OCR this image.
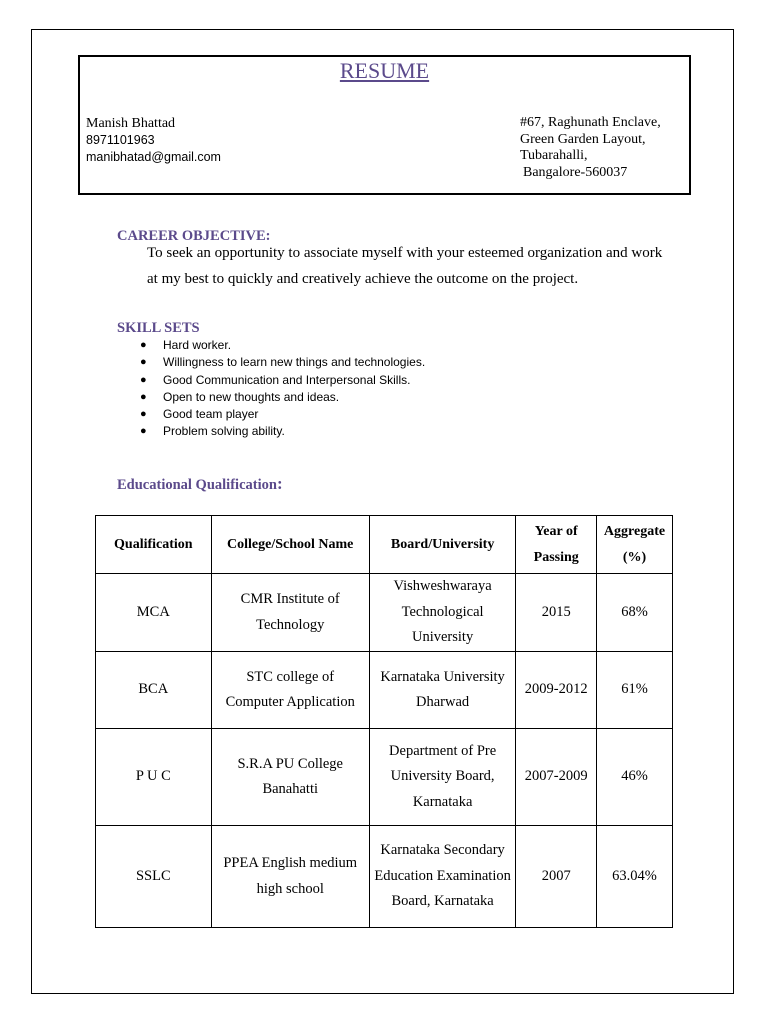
RESUME
Manish Bhattad
8971101963
manibhatad@gmail.com
#67, Raghunath Enclave,
Green Garden Layout,
Tubarahalli,
Bangalore-560037
CAREER OBJECTIVE:
To seek an opportunity to associate myself with your esteemed organization and work at my best to quickly and creatively achieve the outcome on the project.
SKILL SETS
● Hard worker.
● Willingness to learn new things and technologies.
● Good Communication and Interpersonal Skills.
● Open to new thoughts and ideas.
● Good team player
● Problem solving ability.
Educational Qualification:
Qualification	College/School Name	Board/University	Year of Passing	Aggregate (%)
MCA	CMR Institute of Technology	Vishweshwaraya Technological University	2015	68%
BCA	STC college of Computer Application	Karnataka University Dharwad	2009-2012	61%
P U C	S.R.A PU College Banahatti	Department of Pre University Board, Karnataka	2007-2009	46%
SSLC	PPEA English medium high school	Karnataka Secondary Education Examination Board, Karnataka	2007	63.04%
